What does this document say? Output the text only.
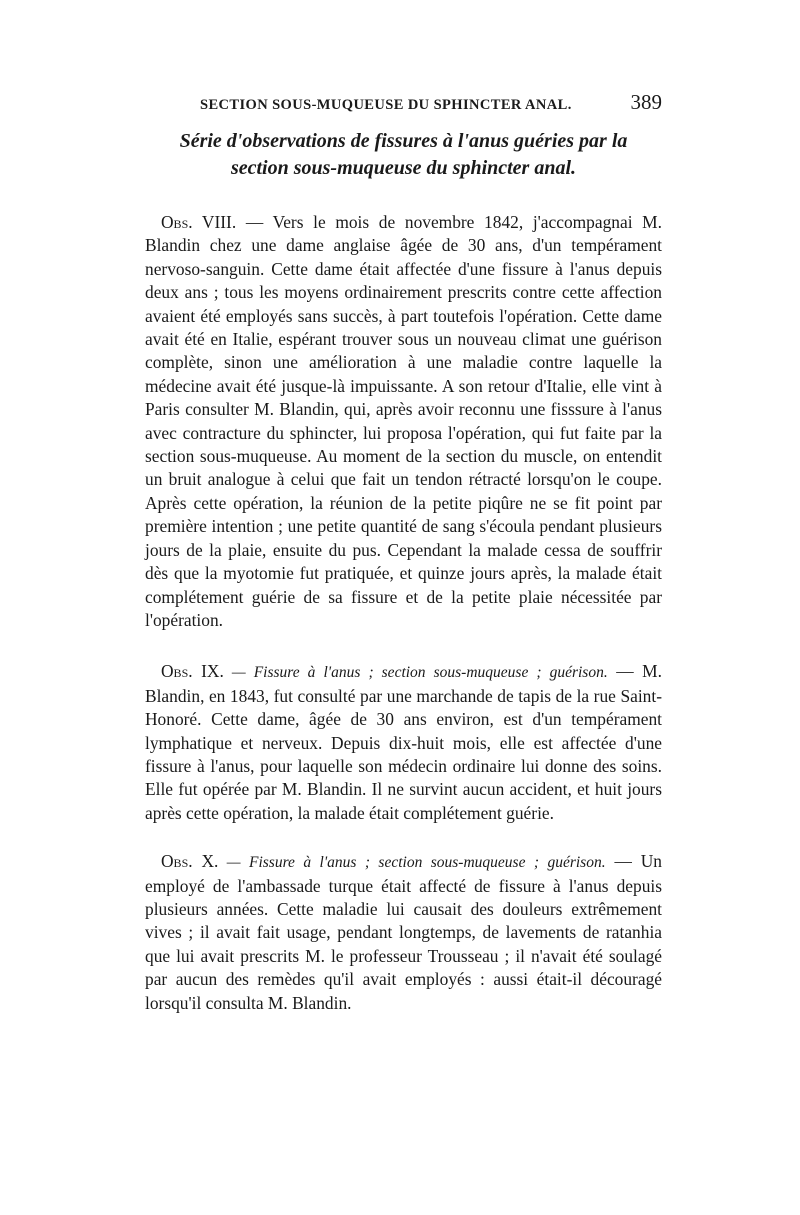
SECTION SOUS-MUQUEUSE DU SPHINCTER ANAL.	389
Série d'observations de fissures à l'anus guéries par la section sous-muqueuse du sphincter anal.

Obs. VIII. — Vers le mois de novembre 1842, j'accompagnai M. Blandin chez une dame anglaise âgée de 30 ans, d'un tempérament nervoso-sanguin. Cette dame était affectée d'une fissure à l'anus depuis deux ans ; tous les moyens ordinairement prescrits contre cette affection avaient été employés sans succès, à part toutefois l'opération. Cette dame avait été en Italie, espérant trouver sous un nouveau climat une guérison complète, sinon une amélioration à une maladie contre laquelle la médecine avait été jusque-là impuissante. A son retour d'Italie, elle vint à Paris consulter M. Blandin, qui, après avoir reconnu une fisssure à l'anus avec contracture du sphincter, lui proposa l'opération, qui fut faite par la section sous-muqueuse. Au moment de la section du muscle, on entendit un bruit analogue à celui que fait un tendon rétracté lorsqu'on le coupe. Après cette opération, la réunion de la petite piqûre ne se fit point par première intention ; une petite quantité de sang s'écoula pendant plusieurs jours de la plaie, ensuite du pus. Cependant la malade cessa de souffrir dès que la myotomie fut pratiquée, et quinze jours après, la malade était complétement guérie de sa fissure et de la petite plaie nécessitée par l'opération.

Obs. IX. — Fissure à l'anus ; section sous-muqueuse ; guérison. — M. Blandin, en 1843, fut consulté par une marchande de tapis de la rue Saint-Honoré. Cette dame, âgée de 30 ans environ, est d'un tempérament lymphatique et nerveux. Depuis dix-huit mois, elle est affectée d'une fissure à l'anus, pour laquelle son médecin ordinaire lui donne des soins. Elle fut opérée par M. Blandin. Il ne survint aucun accident, et huit jours après cette opération, la malade était complétement guérie.

Obs. X. — Fissure à l'anus ; section sous-muqueuse ; guérison. — Un employé de l'ambassade turque était affecté de fissure à l'anus depuis plusieurs années. Cette maladie lui causait des douleurs extrêmement vives ; il avait fait usage, pendant longtemps, de lavements de ratanhia que lui avait prescrits M. le professeur Trousseau ; il n'avait été soulagé par aucun des remèdes qu'il avait employés : aussi était-il découragé lorsqu'il consulta M. Blandin.
